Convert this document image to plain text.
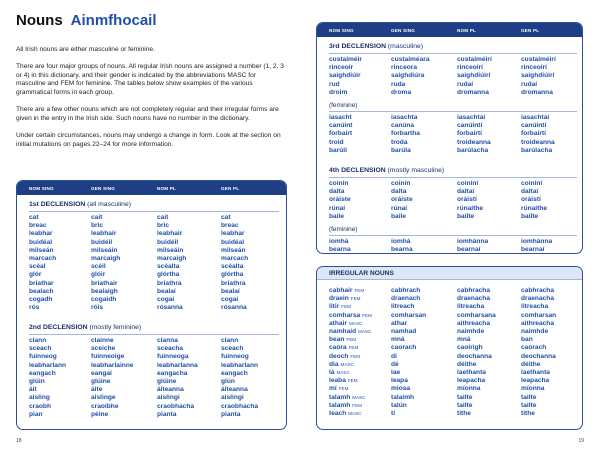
Nouns Ainmfhocail

All Irish nouns are either masculine or feminine.

There are four major groups of nouns. All regular Irish nouns are assigned a number (1, 2, 3 or 4) in this dictionary, and their gender is indicated by the abbreviations MASC for masculine and FEM for feminine. The tables below show examples of the various grammatical forms in each group.

There are a few other nouns which are not completely regular and their irregular forms are given in the entry in the Irish side. Such nouns have no number in the dictionary.

Under certain circumstances, nouns may undergo a change in form. Look at the section on initial mutations on pages 22–24 for more information.

NOM SING	GEN SING	NOM PL	GEN PL
1st DECLENSION (all masculine)
cat	cait	cait	cat
breac	bric	bric	breac
leabhar	leabhair	leabhair	leabhar
buidéal	buidéil	buidéil	buidéal
milseán	milseáin	milseáin	milseán
marcach	marcaigh	marcaigh	marcach
scéal	scéil	scéalta	scéalta
glór	glóir	glórtha	glórtha
briathar	briathair	briathra	briathra
bealach	bealaigh	bealaí	bealaí
cogadh	cogaidh	cogaí	cogaí
rós	róis	rósanna	rósanna
2nd DECLENSION (mostly feminine)
clann	clainne	clanna	clann
sceach	sceiche	sceacha	sceach
fuinneog	fuinneoige	fuinneoga	fuinneog
leabharlann	leabharlainne	leabharlanna	leabharlann
eangach	eangaí	eangacha	eangach
glúin	glúine	glúine	glún
áit	áite	áiteanna	áiteanna
aisling	aislinge	aislingí	aislingí
craobh	craoibhe	craobhacha	craobhacha
pian	péine	pianta	pianta
18
NOM SING	GEN SING	NOM PL	GEN PL
3rd DECLENSION (masculine)
custaiméir	custaiméara	custaiméirí	custaiméirí
rinceoir	rinceora	rinceoirí	rinceoirí
saighdiúir	saighdiúra	saighdiúirí	saighdiúirí
rud	ruda	rudaí	rudaí
droim	droma	dromanna	dromanna
(feminine)
iasacht	iasachta	iasachtaí	iasachtaí
canúint	canúna	canúintí	canúintí
forbairt	forbartha	forbairtí	forbairtí
troid	troda	troideanna	troideanna
barúil	barúla	barúlacha	barúlacha
4th DECLENSION (mostly masculine)
coinín	coinín	coiníní	coiníní
dalta	dalta	daltaí	daltaí
oráiste	oráiste	oráistí	oráistí
rúnaí	rúnaí	rúnaithe	rúnaithe
baile	baile	bailte	bailte
(feminine)
íomhá	íomhá	íomhánna	íomhánna
bearna	bearna	bearnaí	bearnaí
IRREGULAR NOUNS
cabhair FEM	cabhrach	cabhracha	cabhracha
draein FEM	draenach	draenacha	draenacha
litir FEM	litreach	litreacha	litreacha
comharsa FEM	comharsan	comharsana	comharsan
athair MASC	athar	aithreacha	aithreacha
namhaid MASC	namhad	naimhde	naimhde
bean FEM	mná	mná	ban
caora FEM	caorach	caoirigh	caorach
deoch FEM	dí	deochanna	deochanna
dia MASC	dé	déithe	déithe
lá MASC	lae	laethanta	laethanta
leaba FEM	leapa	leapacha	leapacha
mí FEM	míosa	míonna	míonna
talamh MASC	talaimh	tailte	tailte
talamh FEM	talún	tailte	tailte
teach MASC	tí	tithe	tithe
19
